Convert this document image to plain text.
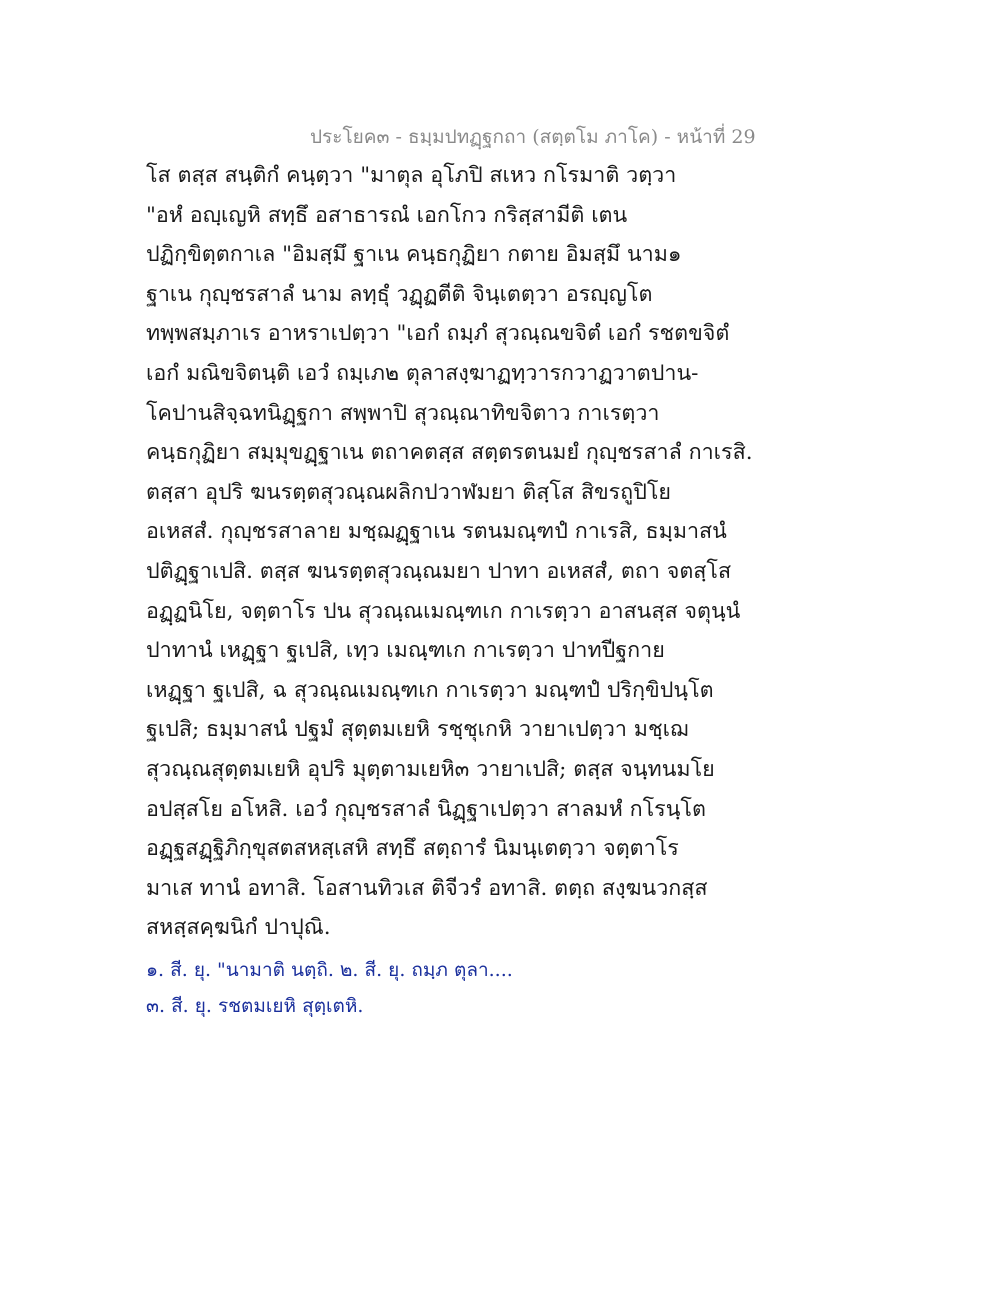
ประโยค๓ - ธมฺมปทฏฺฐกถา (สตฺตโม ภาโค) - หน้าที่ 29
โส ตสฺส สนฺติกํ คนฺตฺวา "มาตุล อุโภปิ สเหว กโรมาติ วตฺวา
"อหํ อญฺเญหิ สทฺธึ อสาธารณํ เอกโกว กริสฺสามีติ เตน
ปฏิกฺขิตฺตกาเล "อิมสฺมึ ฐาเน คนฺธกุฏิยา กตาย อิมสฺมึ นาม๑
ฐาเน กุญฺชรสาลํ นาม ลทฺธุํ วฏฺฏตีติ จินฺเตตฺวา อรญฺญโต
ทพฺพสมฺภาเร อาหราเปตฺวา "เอกํ ถมฺภํ สุวณฺณขจิตํ เอกํ รชตขจิตํ
เอกํ มณิขจิตนฺติ เอวํ ถมฺเภ๒ ตุลาสงฺฆาฏทฺวารกวาฏวาตปาน-
โคปานสิจฺฉทนิฏฺฐกา สพฺพาปิ สุวณฺณาทิขจิตาว กาเรตฺวา
คนฺธกุฏิยา สมฺมุขฏฺฐาเน ตถาคตสฺส สตฺตรตนมยํ กุญฺชรสาลํ กาเรสิ.
ตสฺสา อุปริ ฆนรตฺตสุวณฺณผลิกปวาฬมยา ติสฺโส สิขรถูปิโย
อเหสสํ. กุญฺชรสาลาย มชฺฌฏฺฐาเน รตนมณฺฑปํ กาเรสิ, ธมฺมาสนํ
ปติฏฺฐาเปสิ. ตสฺส ฆนรตฺตสุวณฺณมยา ปาทา อเหสสํ, ตถา จตสฺโส
อฏฺฏนิโย, จตฺตาโร ปน สุวณฺณเมณฺฑเก กาเรตฺวา อาสนสฺส จตุนฺนํ
ปาทานํ เหฏฺฐา ฐเปสิ, เทฺว เมณฺฑเก กาเรตฺวา ปาทปีฐกาย
เหฏฺฐา ฐเปสิ, ฉ สุวณฺณเมณฺฑเก กาเรตฺวา มณฺฑปํ ปริกฺขิปนฺโต
ฐเปสิ; ธมฺมาสนํ ปฐมํ สุตฺตมเยหิ รชฺชุเกหิ วายาเปตฺวา มชฺเฌ
สุวณฺณสุตฺตมเยหิ อุปริ มุตฺตามเยหิ๓ วายาเปสิ; ตสฺส จนฺทนมโย
อปสฺสโย อโหสิ. เอวํ กุญฺชรสาลํ นิฏฺฐาเปตฺวา สาลมหํ กโรนฺโต
อฏฺฐสฏฺฐิภิกฺขุสตสหสฺเสหิ สทฺธึ สตฺถารํ นิมนฺเตตฺวา จตฺตาโร
มาเส ทานํ อทาสิ. โอสานทิวเส ติจีวรํ อทาสิ. ตตฺถ สงฺฆนวกสฺส
สหสฺสคฺฆนิกํ ปาปุณิ.
๑. สี. ยุ. "นามาติ นตฺถิ. ๒. สี. ยุ. ถมฺภ ตุลา....
๓. สี. ยุ. รชตมเยหิ สุตฺเตหิ.
